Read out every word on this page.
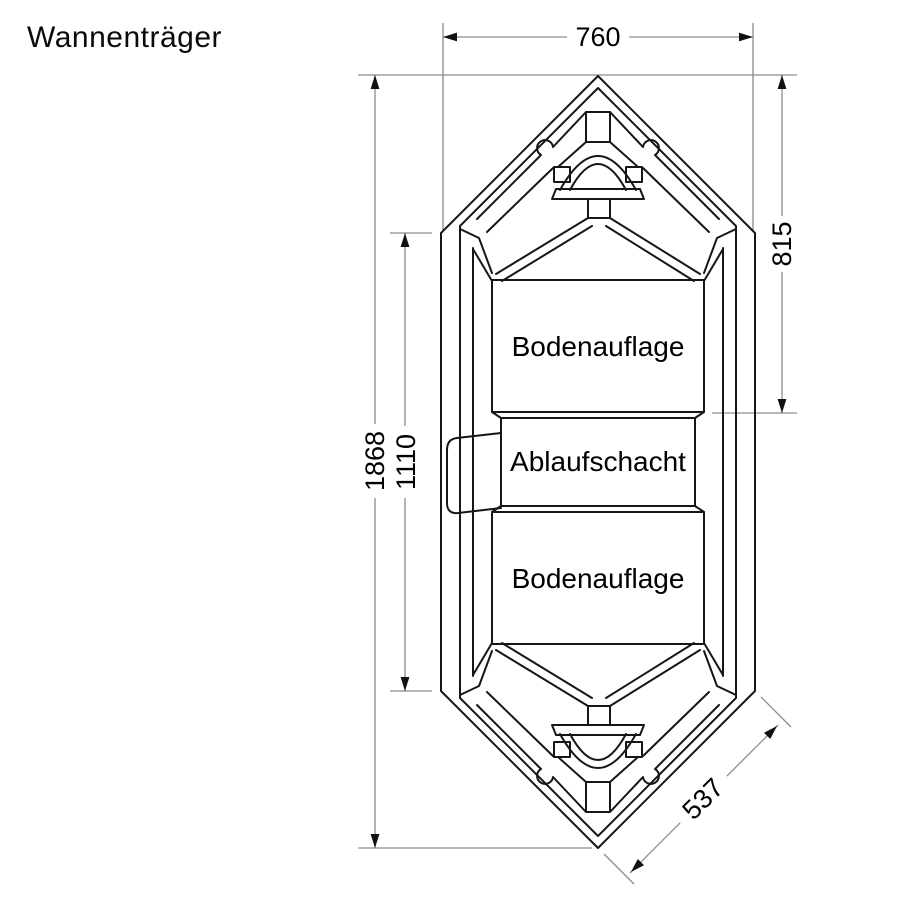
Wannenträger	760
1868 1110
815
537
Bodenauflage
Ablaufschacht
Bodenauflage
